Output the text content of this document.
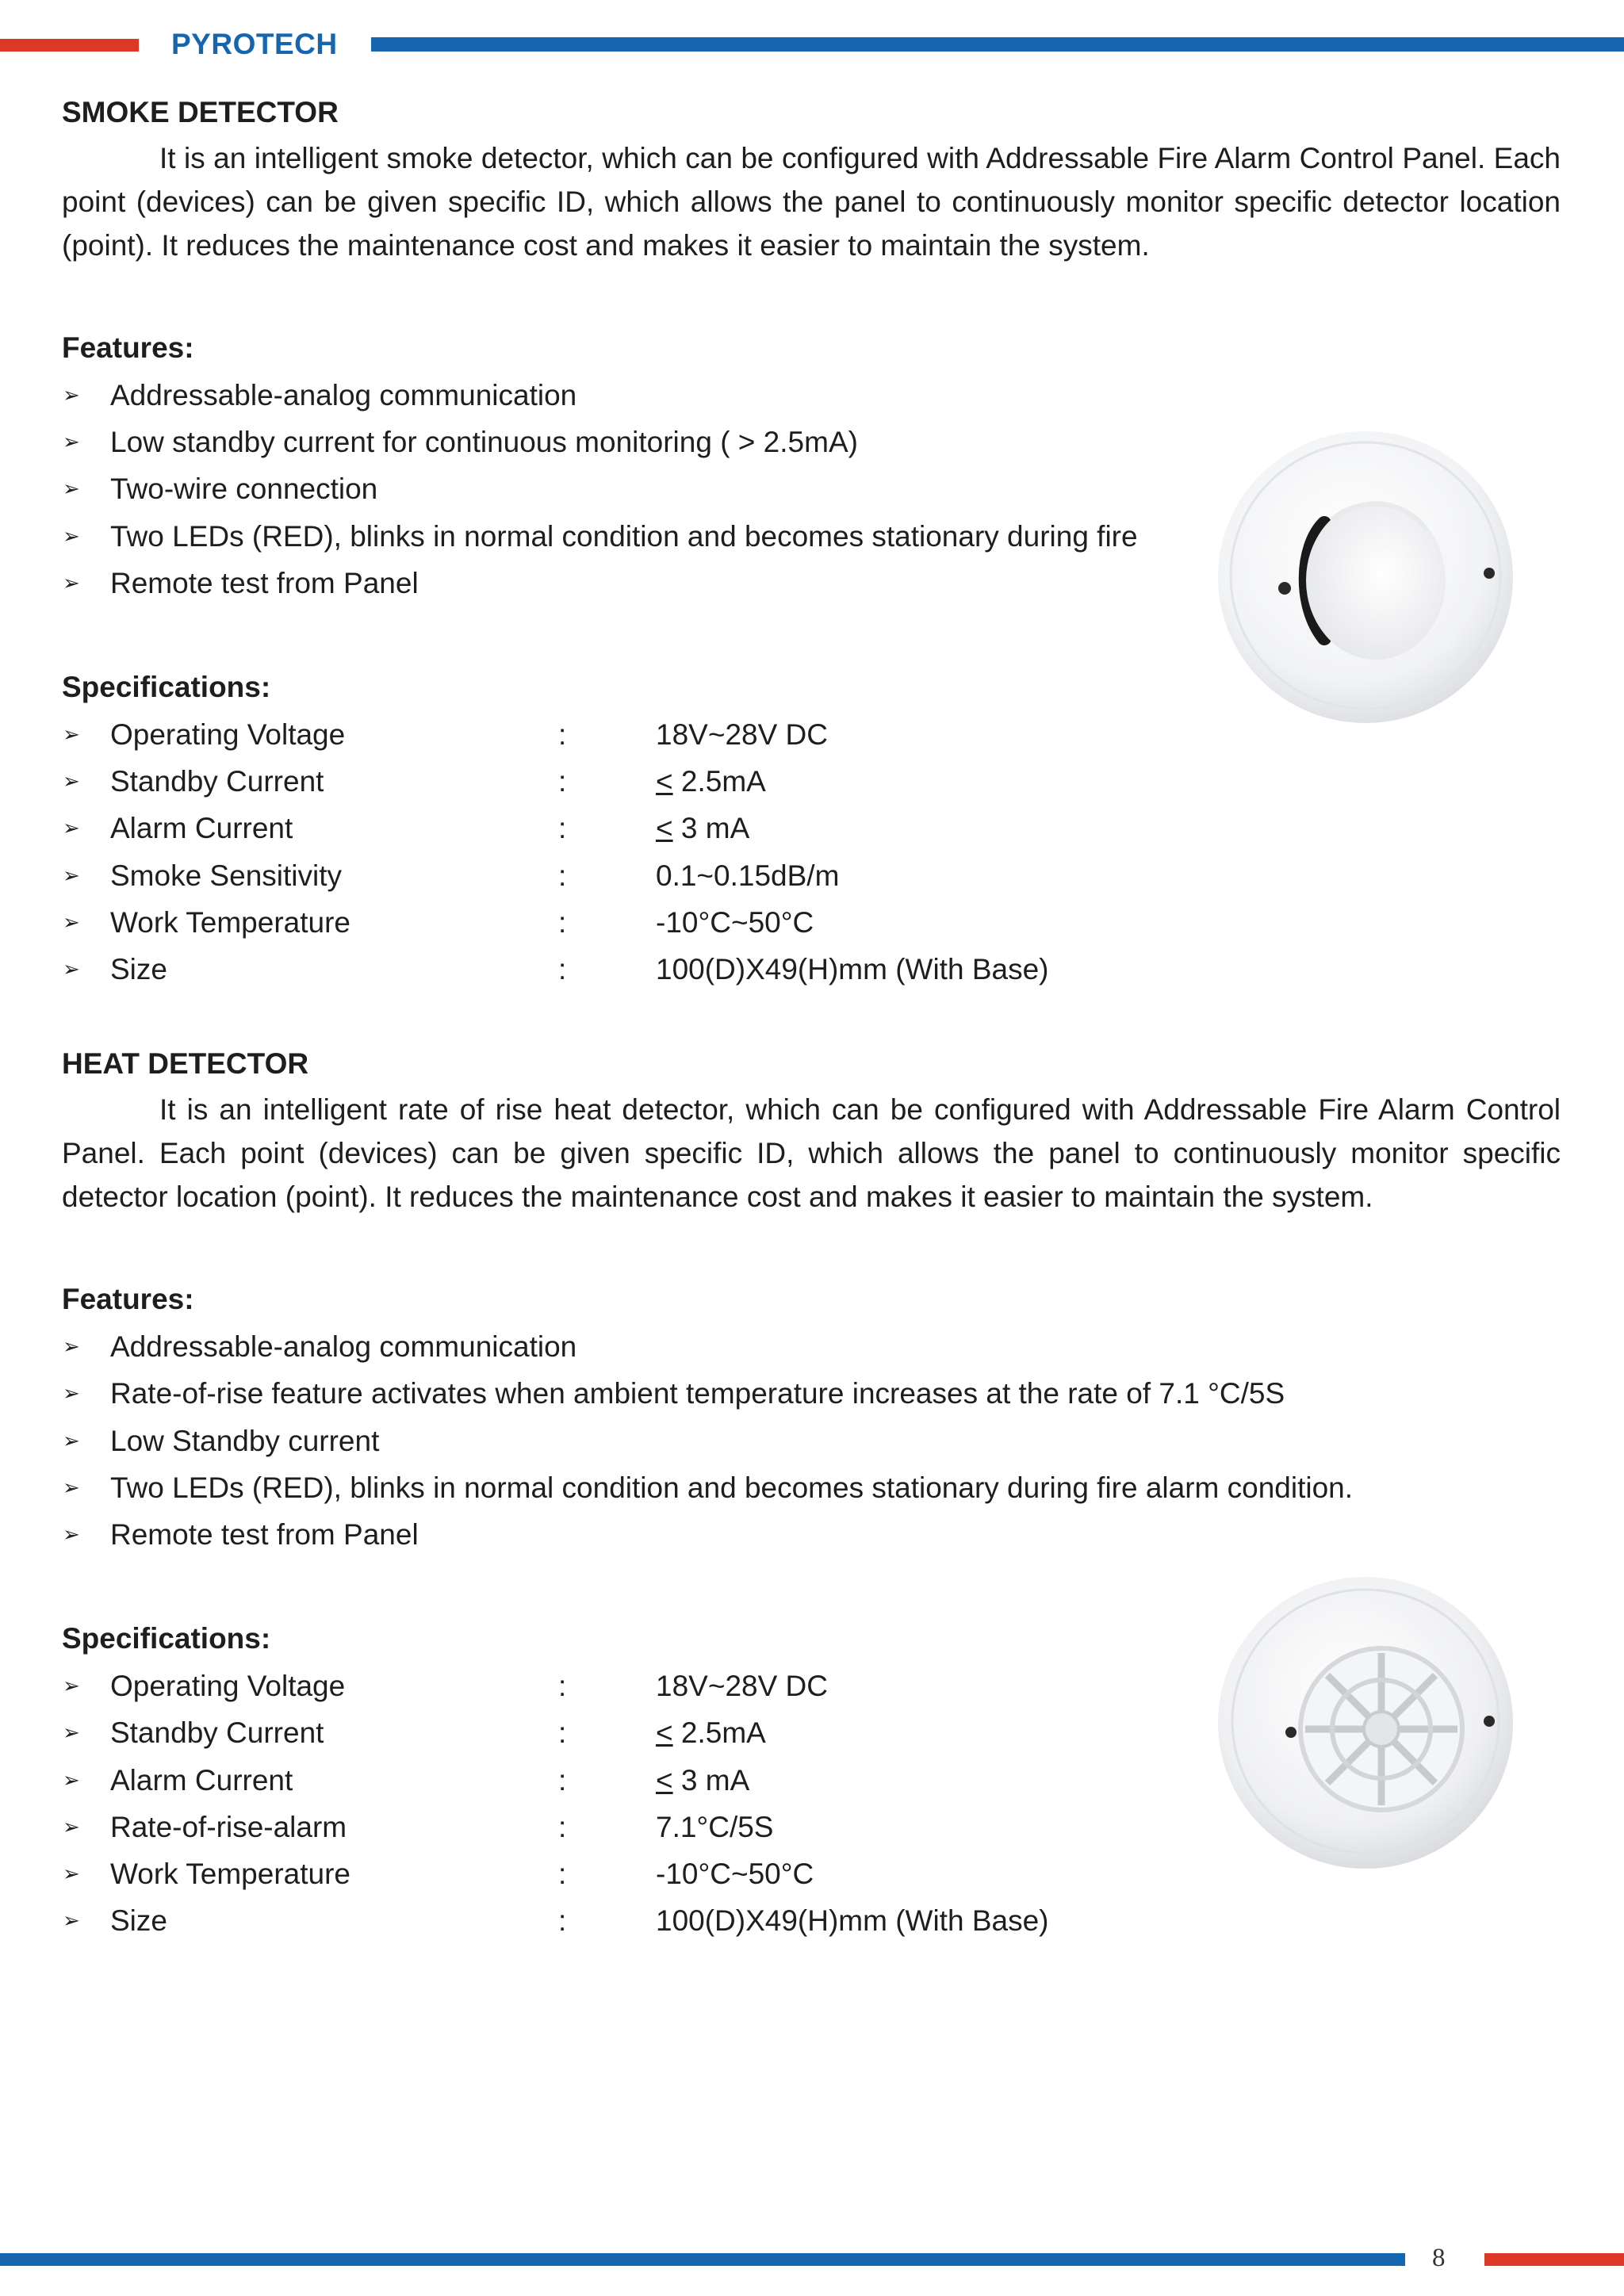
PYROTECH
SMOKE DETECTOR

It is an intelligent smoke detector, which can be configured with Addressable Fire Alarm Control Panel. Each point (devices) can be given specific ID, which allows the panel to continuously monitor specific detector location (point). It reduces the maintenance cost and makes it easier to maintain the system.

Features:
➢ Addressable-analog communication
➢ Low standby current for continuous monitoring ( > 2.5mA)
➢ Two-wire connection
➢ Two LEDs (RED), blinks in normal condition and becomes stationary during fire
➢ Remote test from Panel
Specifications:
➢ Operating Voltage	:	18V~28V DC
➢ Standby Current	:	< 2.5mA
➢ Alarm Current	:	< 3 mA
➢ Smoke Sensitivity	:	0.1~0.15dB/m
➢ Work Temperature	:	-10°C~50°C
➢ Size	:	100(D)X49(H)mm (With Base)
HEAT DETECTOR

It is an intelligent rate of rise heat detector, which can be configured with Addressable Fire Alarm Control Panel. Each point (devices) can be given specific ID, which allows the panel to continuously monitor specific detector location (point). It reduces the maintenance cost and makes it easier to maintain the system.

Features:
➢ Addressable-analog communication
➢ Rate-of-rise feature activates when ambient temperature increases at the rate of 7.1 °C/5S
➢ Low Standby current
➢ Two LEDs (RED), blinks in normal condition and becomes stationary during fire alarm condition.
➢ Remote test from Panel
Specifications:
➢ Operating Voltage	:	18V~28V DC
➢ Standby Current	:	< 2.5mA
➢ Alarm Current	:	< 3 mA
➢ Rate-of-rise-alarm	:	7.1°C/5S
➢ Work Temperature	:	-10°C~50°C
➢ Size	:	100(D)X49(H)mm (With Base)
8
